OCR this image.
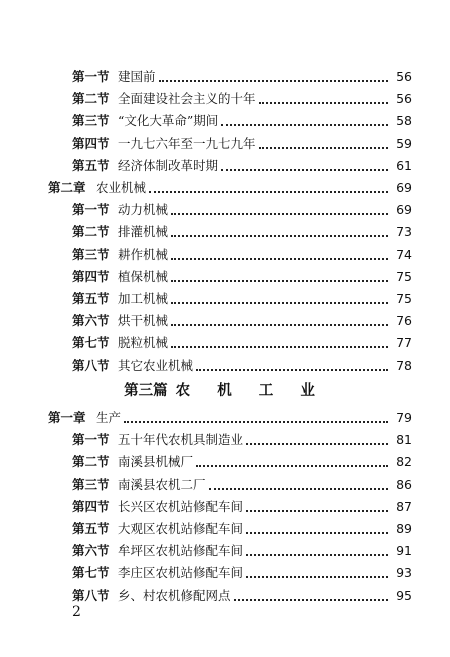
第一节 建国前	56
第二节 全面建设社会主义的十年	56
第三节 “文化大革命”期间	58
第四节 一九七六年至一九七九年	59
第五节 经济体制改革时期	61
第二章 农业机械	69
第一节 动力机械	69
第二节 排灌机械	73
第三节 耕作机械	74
第四节 植保机械	75
第五节 加工机械	75
第六节 烘干机械	76
第七节 脱粒机械	77
第八节 其它农业机械	78
第三篇 农 机 工 业
第一章 生产	79
第一节 五十年代农机具制造业	81
第二节 南溪县机械厂	82
第三节 南溪县农机二厂	86
第四节 长兴区农机站修配车间	87
第五节 大观区农机站修配车间	89
第六节 牟坪区农机站修配车间	91
第七节 李庄区农机站修配车间	93
第八节 乡、村农机修配网点	95
2
